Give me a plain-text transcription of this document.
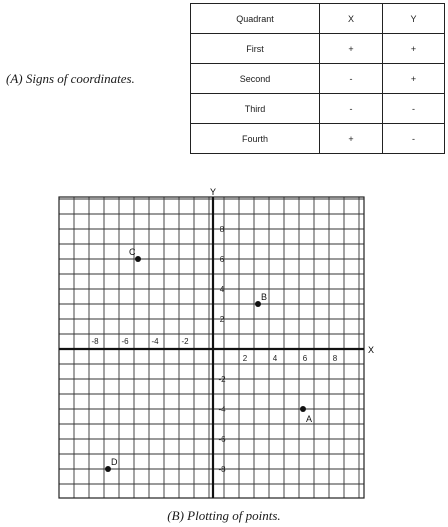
(A) Signs of coordinates.
Quadrant	X	Y
First	+	+
Second	-	+
Third	-	-
Fourth	+	-
X
Y
-8	-6	-4	-2
2	4	6	8
8
6
4
2
-2
-4
-6
-8
A
B
C
D
(B) Plotting of points.
